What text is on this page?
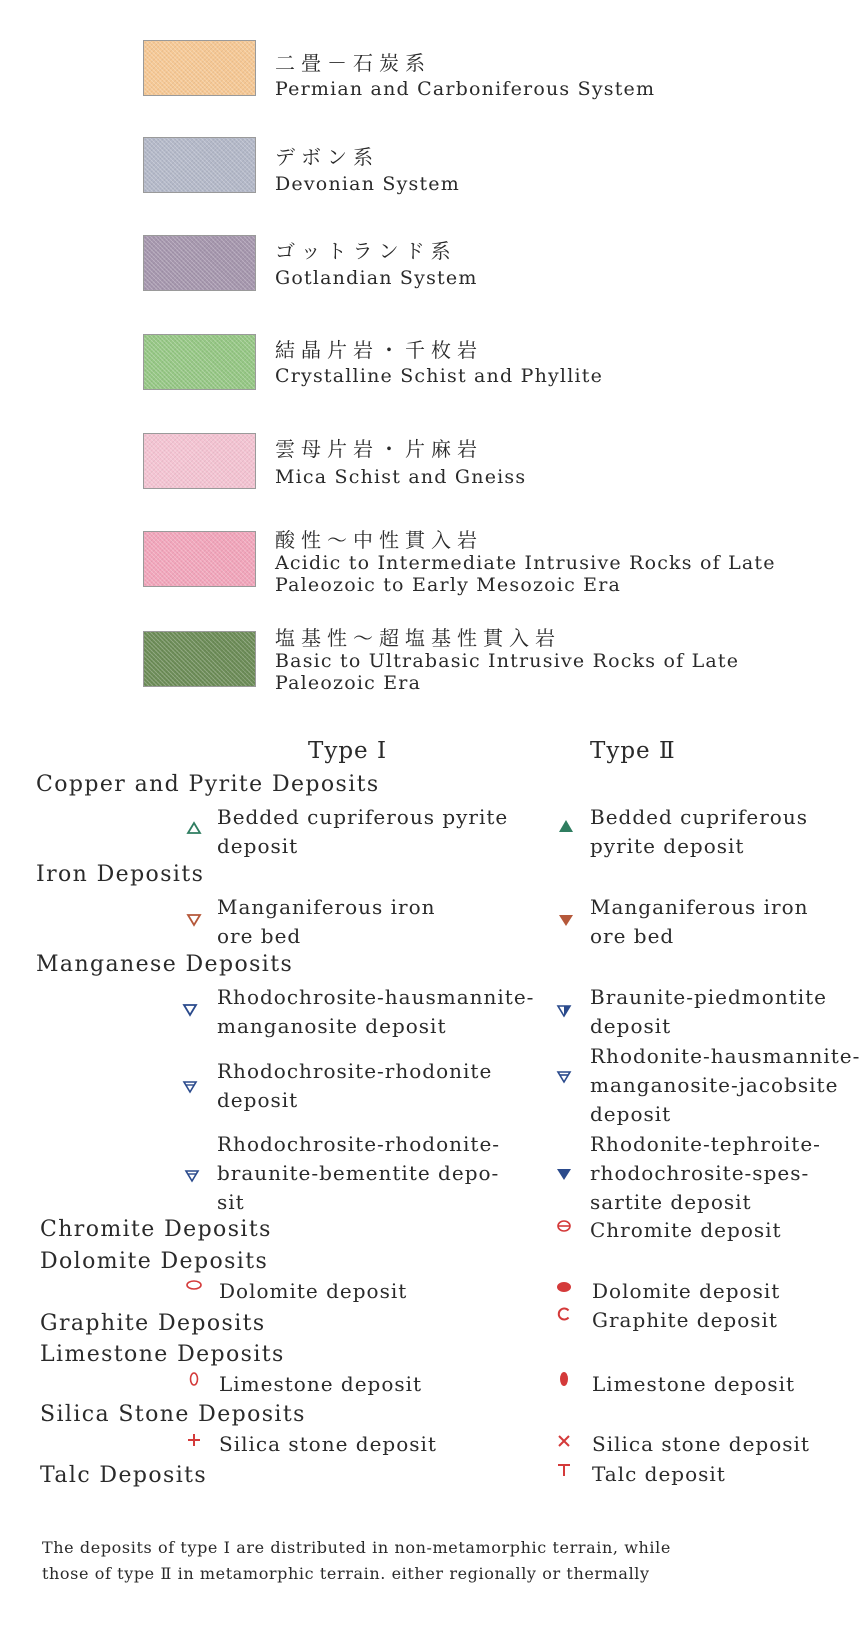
二畳－石炭系
Permian and Carboniferous System
デボン系
Devonian System
ゴットランド系
Gotlandian System
結晶片岩・千枚岩
Crystalline Schist and Phyllite
雲母片岩・片麻岩
Mica Schist and Gneiss
酸性～中性貫入岩
Acidic to Intermediate Intrusive Rocks of Late
Paleozoic to Early Mesozoic Era
塩基性～超塩基性貫入岩
Basic to Ultrabasic Intrusive Rocks of Late
Paleozoic Era
Type Ⅰ	Type Ⅱ
Copper and Pyrite Deposits
Iron Deposits
Manganese Deposits
Chromite Deposits
Dolomite Deposits
Graphite Deposits
Limestone Deposits
Silica Stone Deposits
Talc Deposits
Bedded cupriferous pyrite
deposit
Manganiferous iron
ore bed
Rhodochrosite-hausmannite-
manganosite deposit
Rhodochrosite-rhodonite
deposit
Rhodochrosite-rhodonite-
braunite-bementite depo-
sit
Dolomite deposit
Limestone deposit
Silica stone deposit
Bedded cupriferous
pyrite deposit
Manganiferous iron
ore bed
Braunite-piedmontite
deposit
Rhodonite-hausmannite-
manganosite-jacobsite
deposit
Rhodonite-tephroite-
rhodochrosite-spes-
sartite deposit
Chromite deposit
Dolomite deposit
Graphite deposit
Limestone deposit
Silica stone deposit
Talc deposit
The deposits of type Ⅰ are distributed in non-metamorphic terrain, while
those of type Ⅱ in metamorphic terrain. either regionally or thermally
